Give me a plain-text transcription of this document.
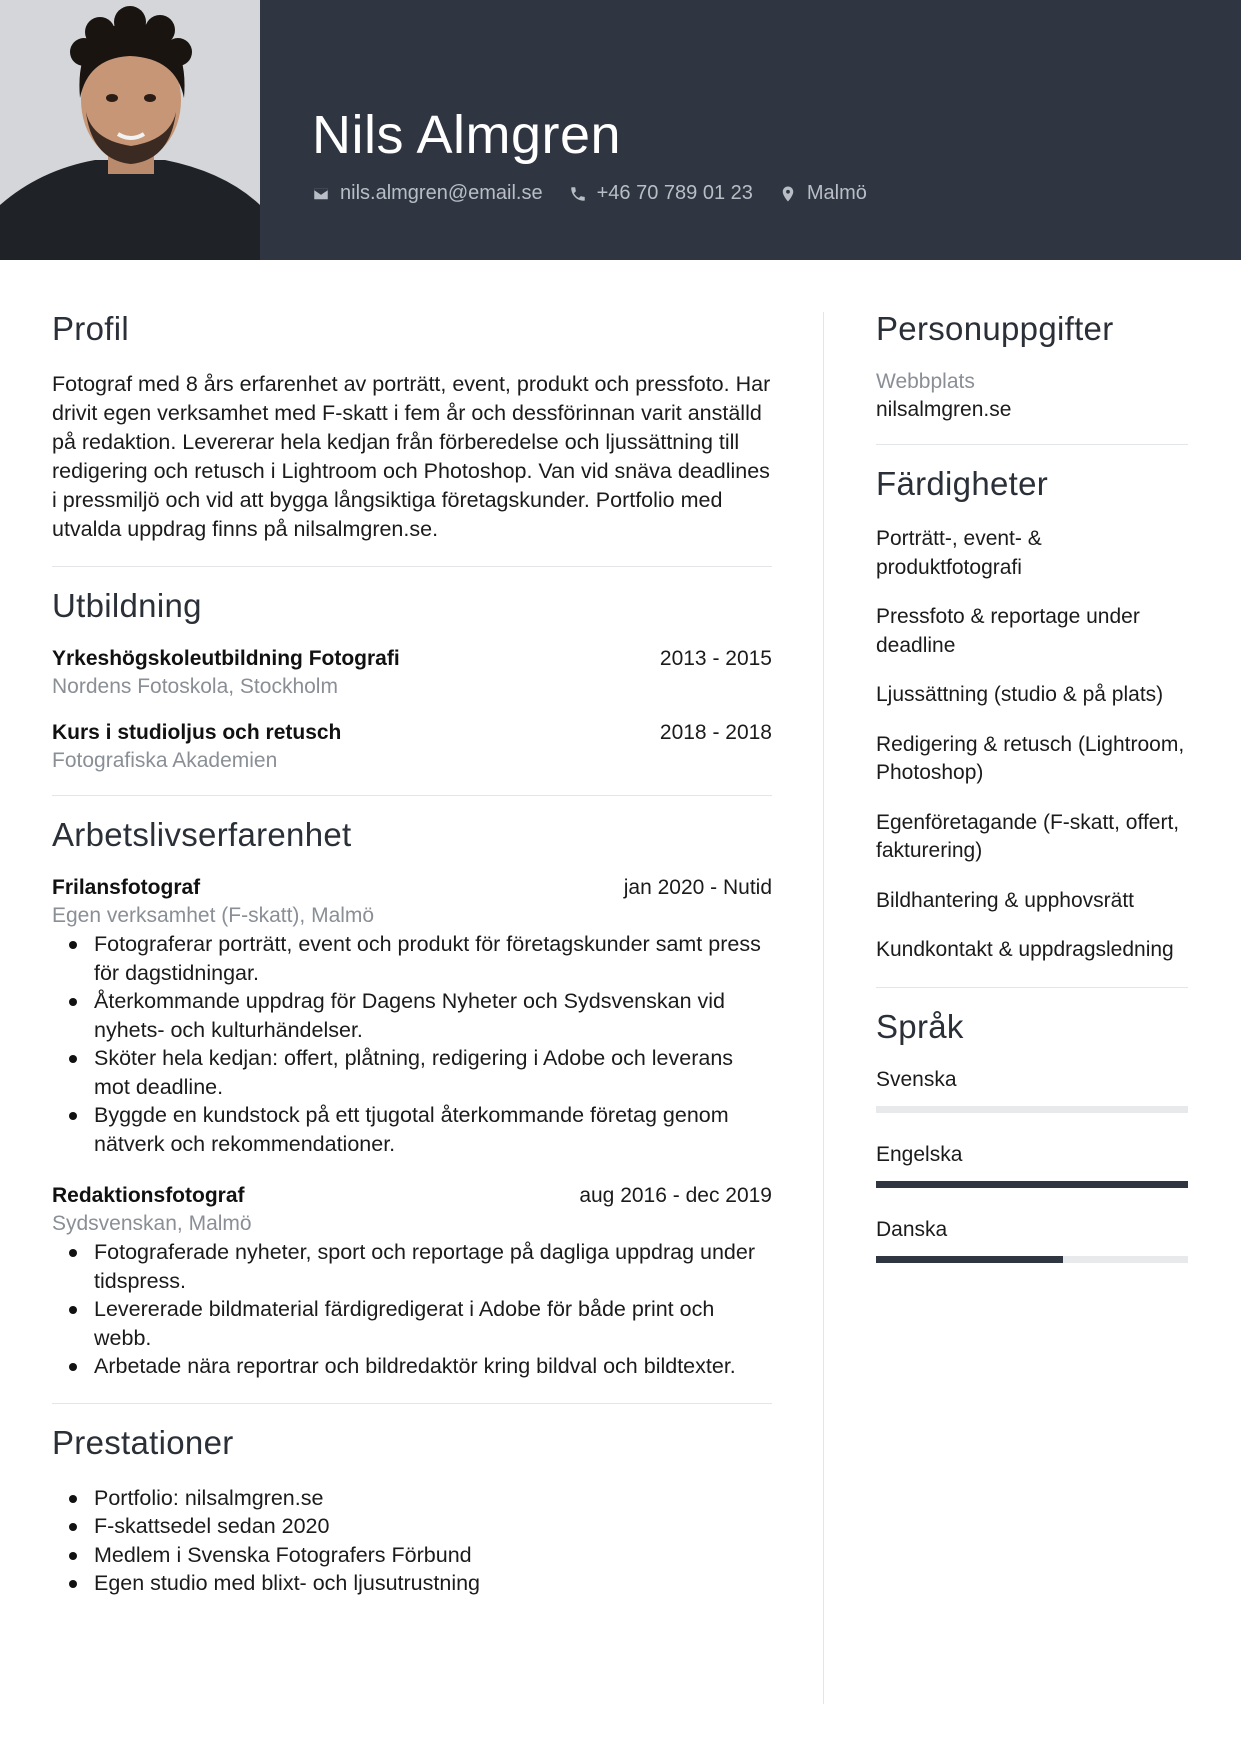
Nils Almgren
nils.almgren@email.se	+46 70 789 01 23	Malmö
Profil

Fotograf med 8 års erfarenhet av porträtt, event, produkt och pressfoto. Har drivit egen verksamhet med F-skatt i fem år och dessförinnan varit anställd på redaktion. Levererar hela kedjan från förberedelse och ljussättning till redigering och retusch i Lightroom och Photoshop. Van vid snäva deadlines i pressmiljö och vid att bygga långsiktiga företagskunder. Portfolio med utvalda uppdrag finns på nilsalmgren.se.

Utbildning
Yrkeshögskoleutbildning Fotografi	2013 - 2015
Nordens Fotoskola, Stockholm
Kurs i studioljus och retusch	2018 - 2018
Fotografiska Akademien
Arbetslivserfarenhet
Frilansfotograf	jan 2020 - Nutid
Egen verksamhet (F-skatt), Malmö
Fotograferar porträtt, event och produkt för företagskunder samt press för dagstidningar.
Återkommande uppdrag för Dagens Nyheter och Sydsvenskan vid nyhets- och kulturhändelser.
Sköter hela kedjan: offert, plåtning, redigering i Adobe och leverans mot deadline.
Byggde en kundstock på ett tjugotal återkommande företag genom nätverk och rekommendationer.
Redaktionsfotograf	aug 2016 - dec 2019
Sydsvenskan, Malmö
Fotograferade nyheter, sport och reportage på dagliga uppdrag under tidspress.
Levererade bildmaterial färdigredigerat i Adobe för både print och webb.
Arbetade nära reportrar och bildredaktör kring bildval och bildtexter.
Prestationer
Portfolio: nilsalmgren.se
F-skattsedel sedan 2020
Medlem i Svenska Fotografers Förbund
Egen studio med blixt- och ljusutrustning
Personuppgifter
Webbplats
nilsalmgren.se
Färdigheter
Porträtt-, event- & produktfotografi
Pressfoto & reportage under deadline
Ljussättning (studio & på plats)
Redigering & retusch (Lightroom, Photoshop)
Egenföretagande (F-skatt, offert, fakturering)
Bildhantering & upphovsrätt
Kundkontakt & uppdragsledning
Språk
Svenska
Engelska
Danska
